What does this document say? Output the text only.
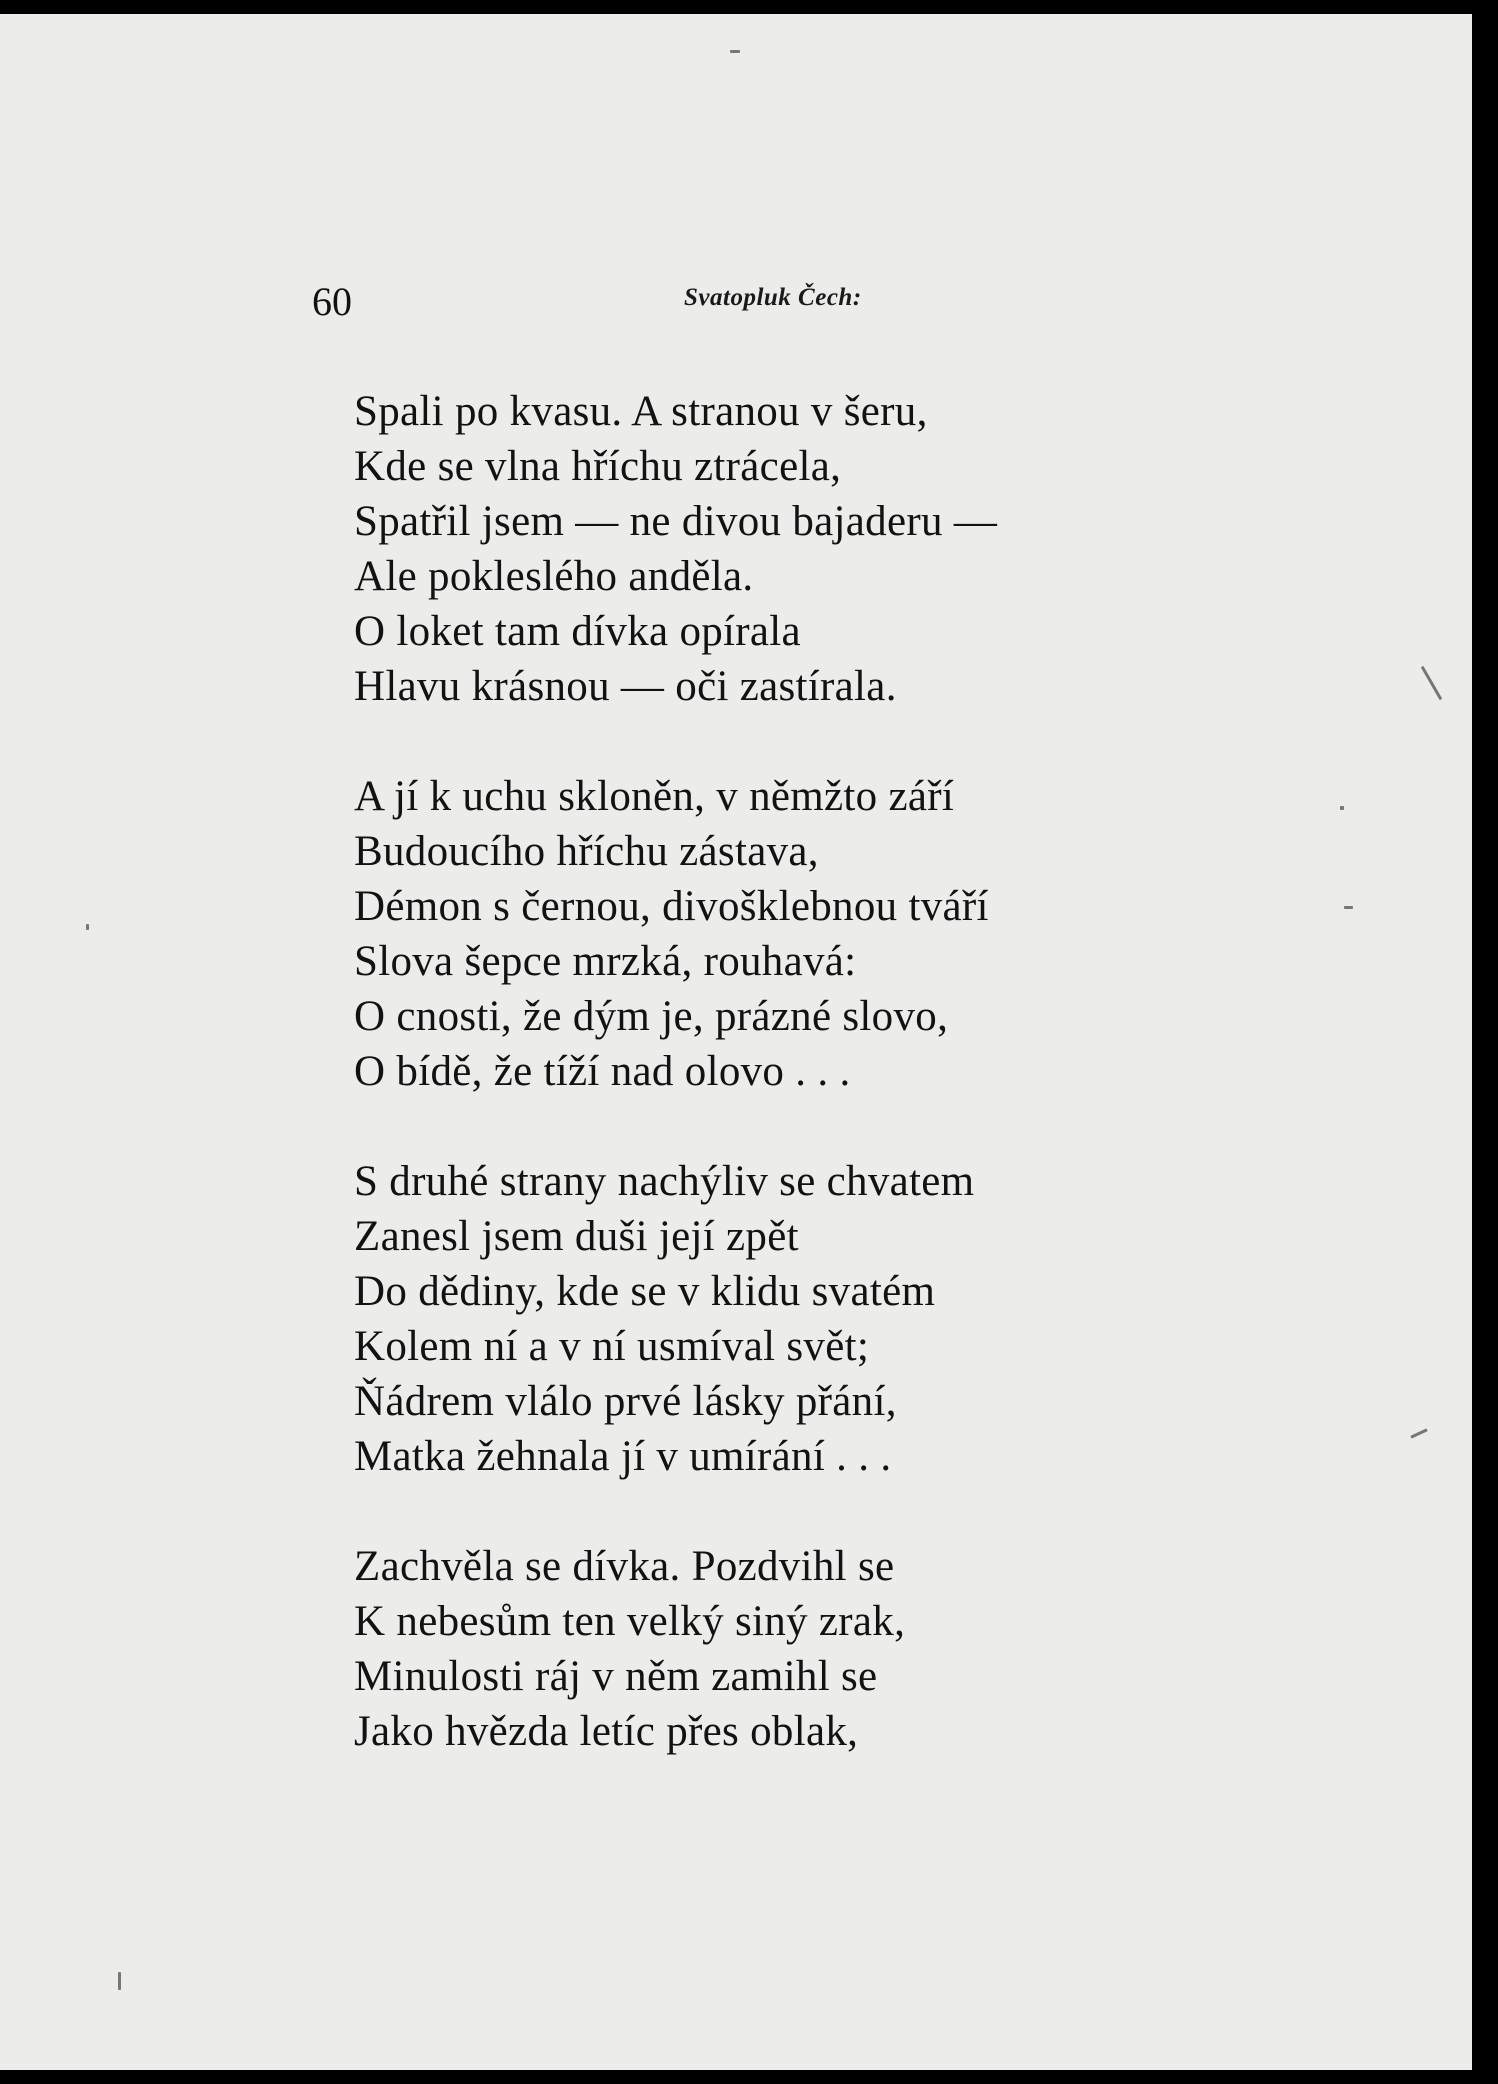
60	Svatopluk Čech:
Spali po kvasu. A stranou v šeru,
Kde se vlna hříchu ztrácela,
Spatřil jsem — ne divou bajaderu —
Ale pokleslého anděla.
O loket tam dívka opírala
Hlavu krásnou — oči zastírala.
A jí k uchu skloněn, v němžto září
Budoucího hříchu zástava,
Démon s černou, divošklebnou tváří
Slova šepce mrzká, rouhavá:
O cnosti, že dým je, prázné slovo,
O bídě, že tíží nad olovo . . .
S druhé strany nachýliv se chvatem
Zanesl jsem duši její zpět
Do dědiny, kde se v klidu svatém
Kolem ní a v ní usmíval svět;
Ňádrem vlálo prvé lásky přání,
Matka žehnala jí v umírání . . .
Zachvěla se dívka. Pozdvihl se
K nebesům ten velký siný zrak,
Minulosti ráj v něm zamihl se
Jako hvězda letíc přes oblak,
